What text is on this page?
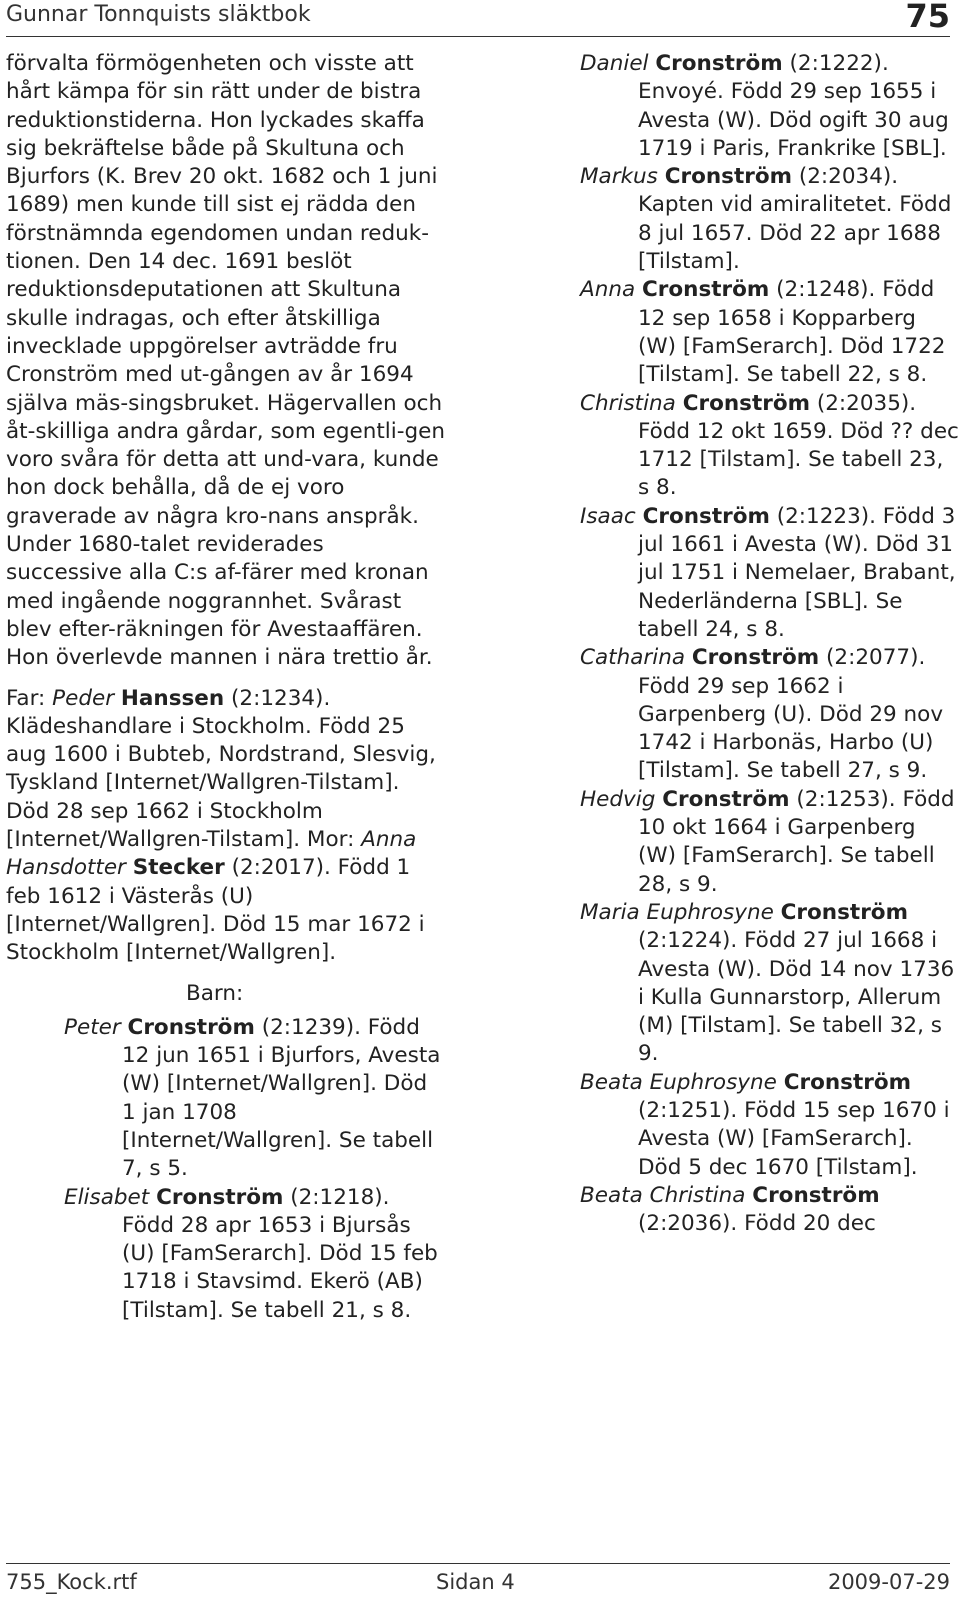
Gunnar Tonnquists släktbok	75

förvalta förmögenheten och visste att hårt kämpa för sin rätt under de bistra reduktionstiderna. Hon lyckades skaffa sig bekräftelse både på Skultuna och Bjurfors (K. Brev 20 okt. 1682 och 1 juni 1689) men kunde till sist ej rädda den förstnämnda egendomen undan reduk-tionen. Den 14 dec. 1691 beslöt reduktionsdeputationen att Skultuna skulle indragas, och efter åtskilliga invecklade uppgörelser avträdde fru Cronström med ut-gången av år 1694 själva mäs-singsbruket. Hägervallen och åt-skilliga andra gårdar, som egentli-gen voro svåra för detta att und-vara, kunde hon dock behålla, då de ej voro graverade av några kro-nans anspråk. Under 1680-talet reviderades successive alla C:s af-färer med kronan med ingående noggrannhet. Svårast blev efter-räkningen för Avestaaffären. Hon överlevde mannen i nära trettio år.

Far: Peder Hanssen (2:1234). Klädeshandlare i Stockholm. Född 25 aug 1600 i Bubteb, Nordstrand, Slesvig, Tyskland [Internet/Wallgren-Tilstam]. Död 28 sep 1662 i Stockholm [Internet/Wallgren-Tilstam]. Mor: Anna Hansdotter Stecker (2:2017). Född 1 feb 1612 i Västerås (U) [Internet/Wallgren]. Död 15 mar 1672 i Stockholm [Internet/Wallgren].

Barn:

Peter Cronström (2:1239). Född 12 jun 1651 i Bjurfors, Avesta (W) [Internet/Wallgren]. Död 1 jan 1708 [Internet/Wallgren]. Se tabell 7, s 5.

Elisabet Cronström (2:1218). Född 28 apr 1653 i Bjursås (U) [FamSerarch]. Död 15 feb 1718 i Stavsimd. Ekerö (AB) [Tilstam]. Se tabell 21, s 8.

Daniel Cronström (2:1222). Envoyé. Född 29 sep 1655 i Avesta (W). Död ogift 30 aug 1719 i Paris, Frankrike [SBL].

Markus Cronström (2:2034). Kapten vid amiralitetet. Född 8 jul 1657. Död 22 apr 1688 [Tilstam].

Anna Cronström (2:1248). Född 12 sep 1658 i Kopparberg (W) [FamSerarch]. Död 1722 [Tilstam]. Se tabell 22, s 8.

Christina Cronström (2:2035). Född 12 okt 1659. Död ?? dec 1712 [Tilstam]. Se tabell 23, s 8.

Isaac Cronström (2:1223). Född 3 jul 1661 i Avesta (W). Död 31 jul 1751 i Nemelaer, Brabant, Nederländerna [SBL]. Se tabell 24, s 8.

Catharina Cronström (2:2077). Född 29 sep 1662 i Garpenberg (U). Död 29 nov 1742 i Harbonäs, Harbo (U) [Tilstam]. Se tabell 27, s 9.

Hedvig Cronström (2:1253). Född 10 okt 1664 i Garpenberg (W) [FamSerarch]. Se tabell 28, s 9.

Maria Euphrosyne Cronström (2:1224). Född 27 jul 1668 i Avesta (W). Död 14 nov 1736 i Kulla Gunnarstorp, Allerum (M) [Tilstam]. Se tabell 32, s 9.

Beata Euphrosyne Cronström (2:1251). Född 15 sep 1670 i Avesta (W) [FamSerarch]. Död 5 dec 1670 [Tilstam].

Beata Christina Cronström (2:2036). Född 20 dec

755_Kock.rtf	Sidan 4	2009-07-29
